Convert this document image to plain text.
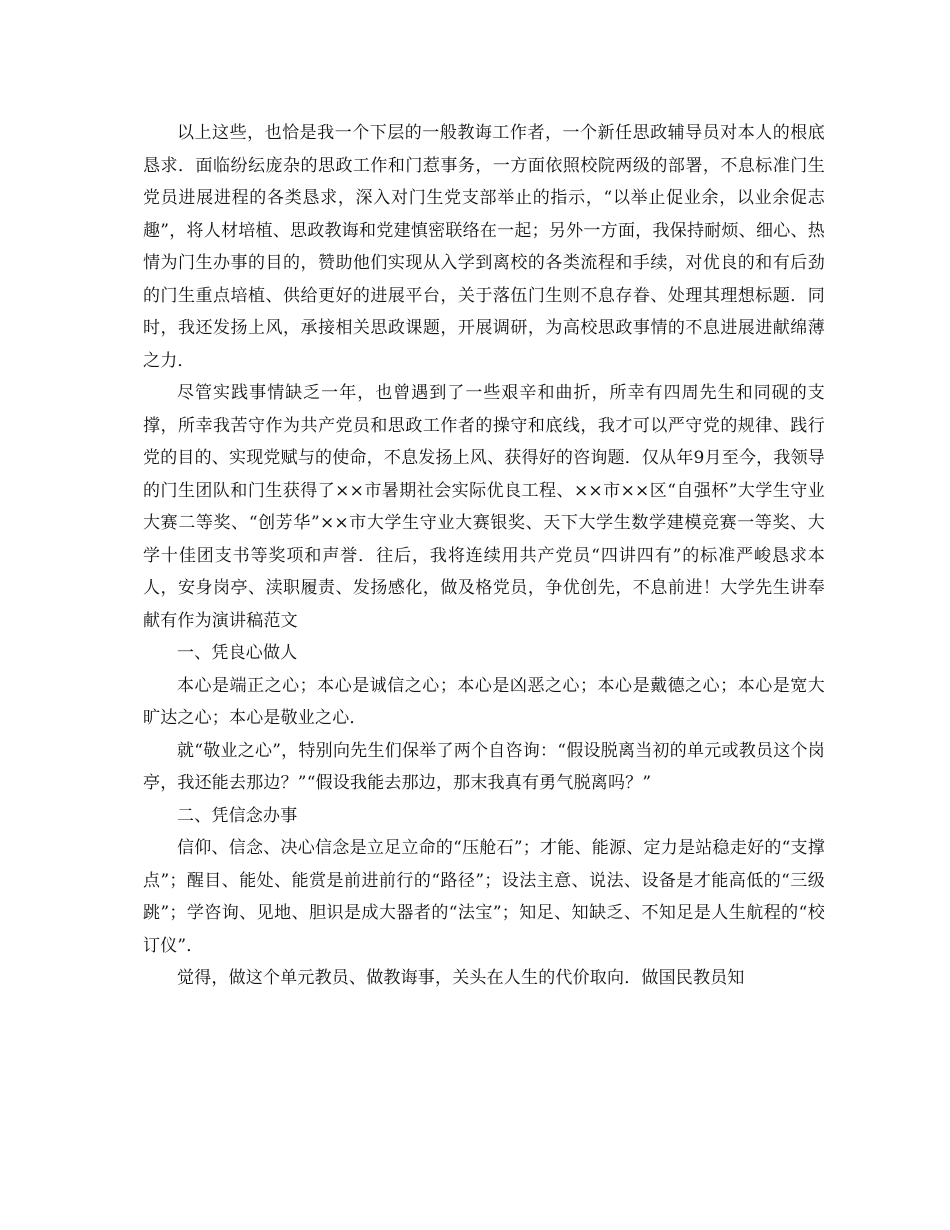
以上这些，也恰是我一个下层的一般教诲工作者，一个新任思政辅导员对本人的根底恳求．面临纷纭庞杂的思政工作和门惹事务，一方面依照校院两级的部署，不息标准门生党员进展进程的各类恳求，深入对门生党支部举止的指示，“以举止促业余，以业余促志趣”，将人材培植、思政教诲和党建慎密联络在一起；另外一方面，我保持耐烦、细心、热情为门生办事的目的，赞助他们实现从入学到离校的各类流程和手续，对优良的和有后劲的门生重点培植、供给更好的进展平台，关于落伍门生则不息存眷、处理其理想标题．同时，我还发扬上风，承接相关思政课题，开展调研，为高校思政事情的不息进展进献绵薄之力．

尽管实践事情缺乏一年，也曾遇到了一些艰辛和曲折，所幸有四周先生和同砚的支撑，所幸我苦守作为共产党员和思政工作者的操守和底线，我才可以严守党的规律、践行党的目的、实现党赋与的使命，不息发扬上风、获得好的咨询题．仅从年9月至今，我领导的门生团队和门生获得了××市暑期社会实际优良工程、××市××区“自强杯”大学生守业大赛二等奖、“创芳华”××市大学生守业大赛银奖、天下大学生数学建模竞赛一等奖、大学十佳团支书等奖项和声誉．往后，我将连续用共产党员“四讲四有”的标准严峻恳求本人，安身岗亭、渎职履责、发扬感化，做及格党员，争优创先，不息前进！大学先生讲奉献有作为演讲稿范文

一、凭良心做人

本心是端正之心；本心是诚信之心；本心是凶恶之心；本心是戴德之心；本心是宽大旷达之心；本心是敬业之心．

就“敬业之心”，特别向先生们保举了两个自咨询：“假设脱离当初的单元或教员这个岗亭，我还能去那边？”“假设我能去那边，那末我真有勇气脱离吗？”

二、凭信念办事

信仰、信念、决心信念是立足立命的“压舱石”；才能、能源、定力是站稳走好的“支撑点”；醒目、能处、能赏是前进前行的“路径”；设法主意、说法、设备是才能高低的“三级跳”；学咨询、见地、胆识是成大器者的“法宝”；知足、知缺乏、不知足是人生航程的“校订仪”．

觉得，做这个单元教员、做教诲事，关头在人生的代价取向．做国民教员知
